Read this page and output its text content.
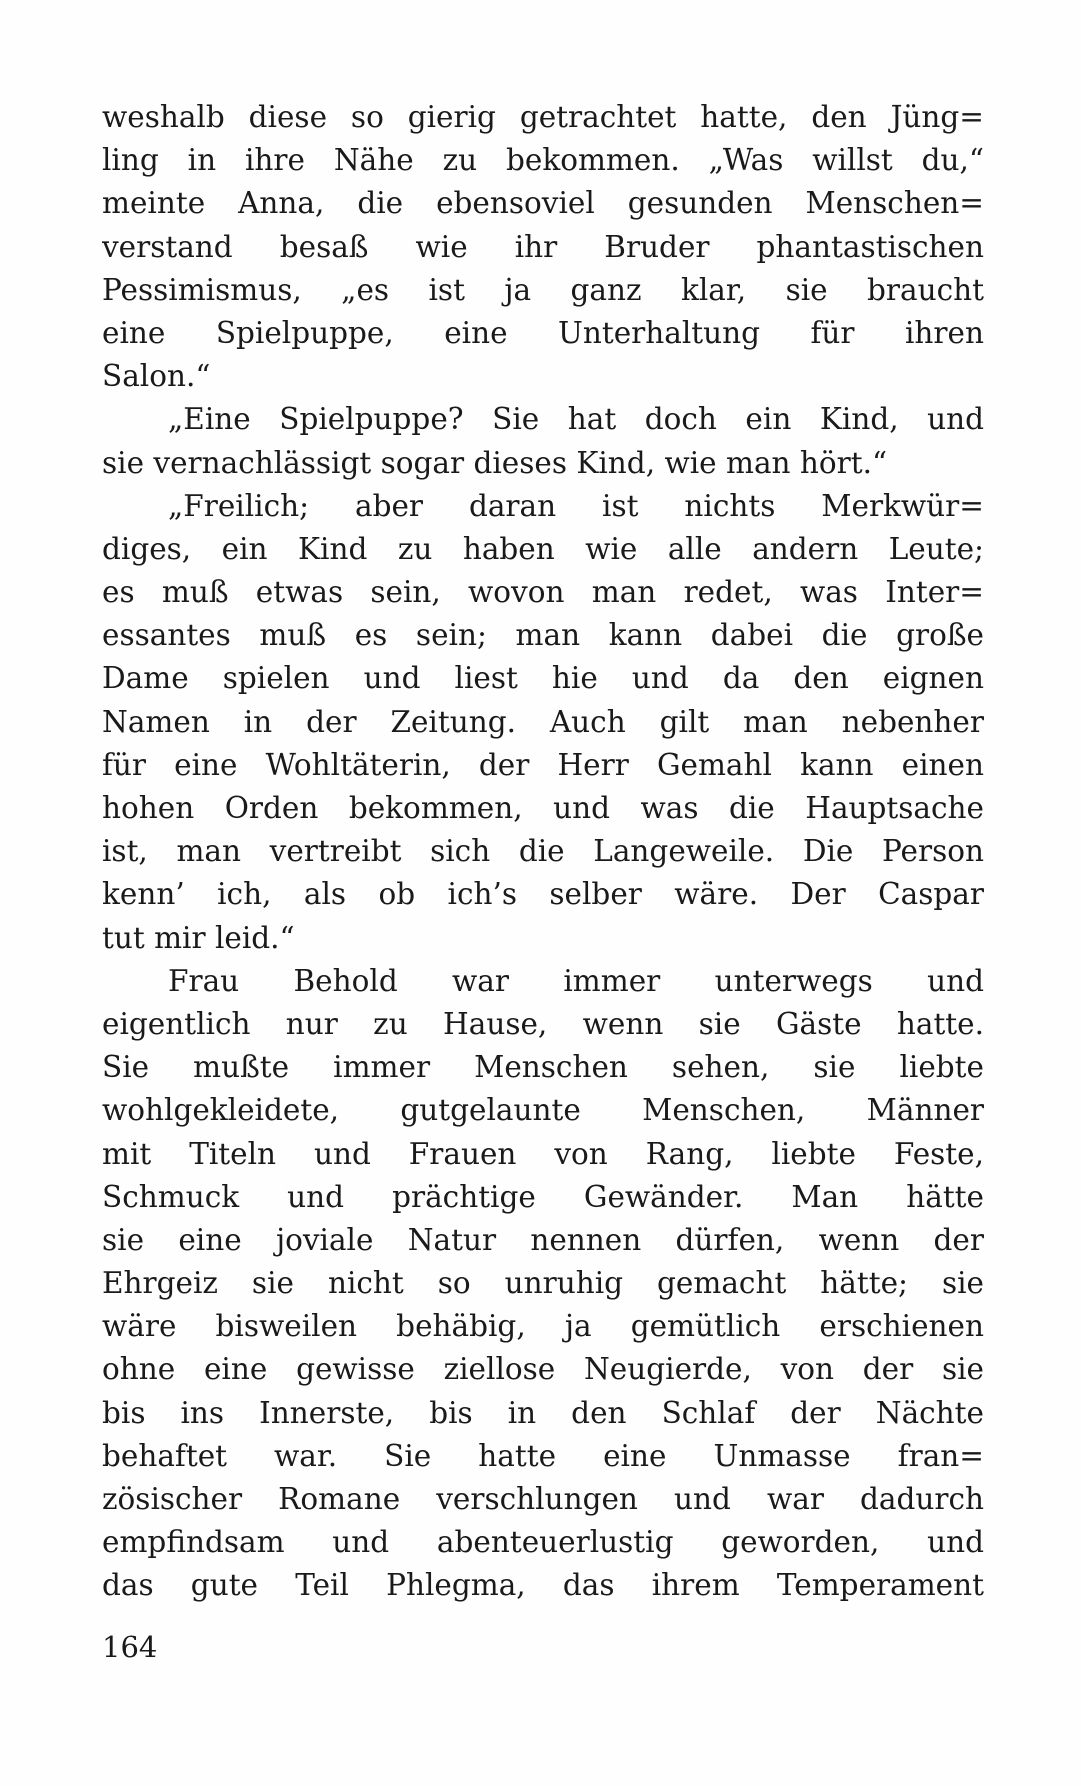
weshalb diese so gierig getrachtet hatte, den Jüng=
ling in ihre Nähe zu bekommen. „Was willst du,“
meinte Anna, die ebensoviel gesunden Menschen=
verstand besaß wie ihr Bruder phantastischen
Pessimismus, „es ist ja ganz klar, sie braucht
eine Spielpuppe, eine Unterhaltung für ihren
Salon.“
„Eine Spielpuppe? Sie hat doch ein Kind, und
sie vernachlässigt sogar dieses Kind, wie man hört.“
„Freilich; aber daran ist nichts Merkwür=
diges, ein Kind zu haben wie alle andern Leute;
es muß etwas sein, wovon man redet, was Inter=
essantes muß es sein; man kann dabei die große
Dame spielen und liest hie und da den eignen
Namen in der Zeitung. Auch gilt man nebenher
für eine Wohltäterin, der Herr Gemahl kann einen
hohen Orden bekommen, und was die Hauptsache
ist, man vertreibt sich die Langeweile. Die Person
kenn’ ich, als ob ich’s selber wäre. Der Caspar
tut mir leid.“
Frau Behold war immer unterwegs und
eigentlich nur zu Hause, wenn sie Gäste hatte.
Sie mußte immer Menschen sehen, sie liebte
wohlgekleidete, gutgelaunte Menschen, Männer
mit Titeln und Frauen von Rang, liebte Feste,
Schmuck und prächtige Gewänder. Man hätte
sie eine joviale Natur nennen dürfen, wenn der
Ehrgeiz sie nicht so unruhig gemacht hätte; sie
wäre bisweilen behäbig, ja gemütlich erschienen
ohne eine gewisse ziellose Neugierde, von der sie
bis ins Innerste, bis in den Schlaf der Nächte
behaftet war. Sie hatte eine Unmasse fran=
zösischer Romane verschlungen und war dadurch
empfindsam und abenteuerlustig geworden, und
das gute Teil Phlegma, das ihrem Temperament
164
